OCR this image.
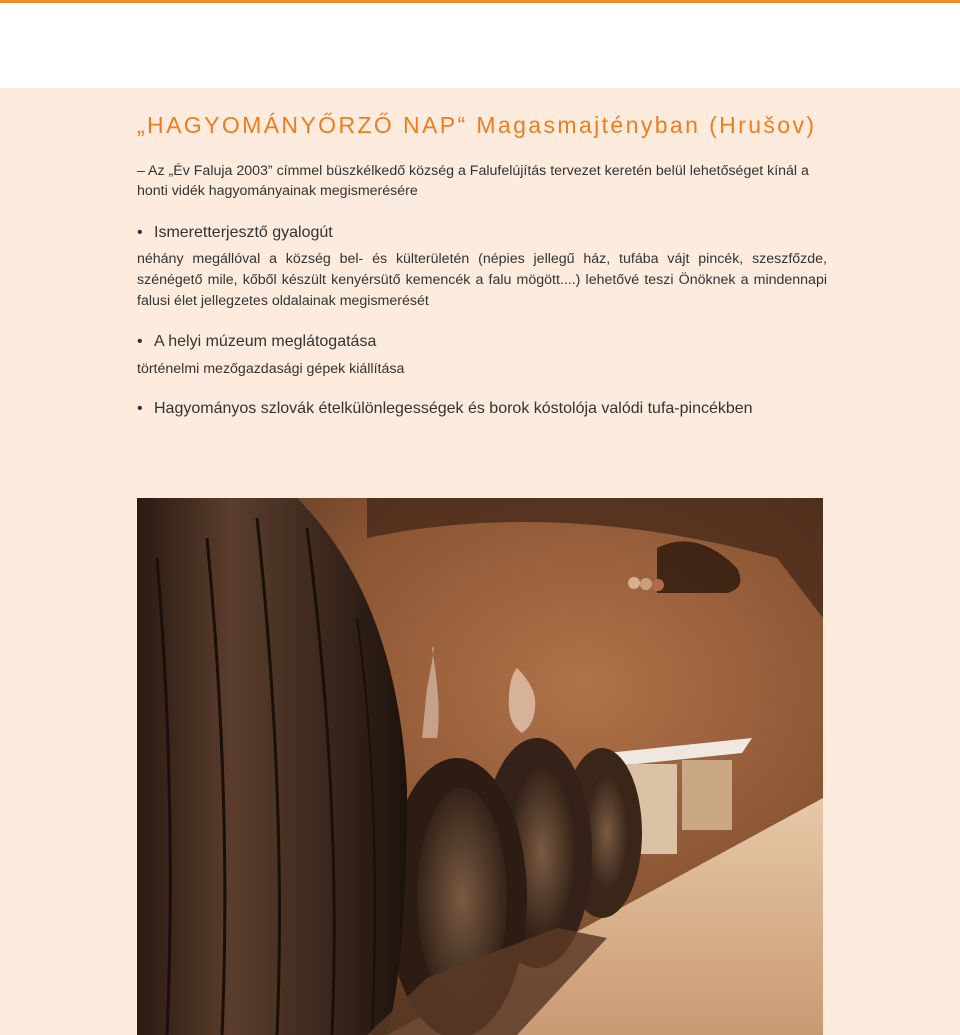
„HAGYOMÁNYŐRZŐ NAP“ Magasmajtényban (Hrušov)

– Az „Év Faluja 2003” címmel büszkélkedő község a Falufelújítás tervezet keretén belül lehetőséget kínál a honti vidék hagyományainak megismerésére

• Ismeretterjesztő gyalogút

néhány megállóval a község bel- és külterületén (népies jellegű ház, tufába vájt pincék, szeszfőzde, szénégető mile, kőből készült kenyérsütő kemencék a falu mögött....) lehetővé teszi Önöknek a mindennapi falusi élet jellegzetes oldalainak megismerését

• A helyi múzeum meglátogatása

történelmi mezőgazdasági gépek kiállítása

• Hagyományos szlovák ételkülönlegességek és borok kóstolója valódi tufa-pincékben
